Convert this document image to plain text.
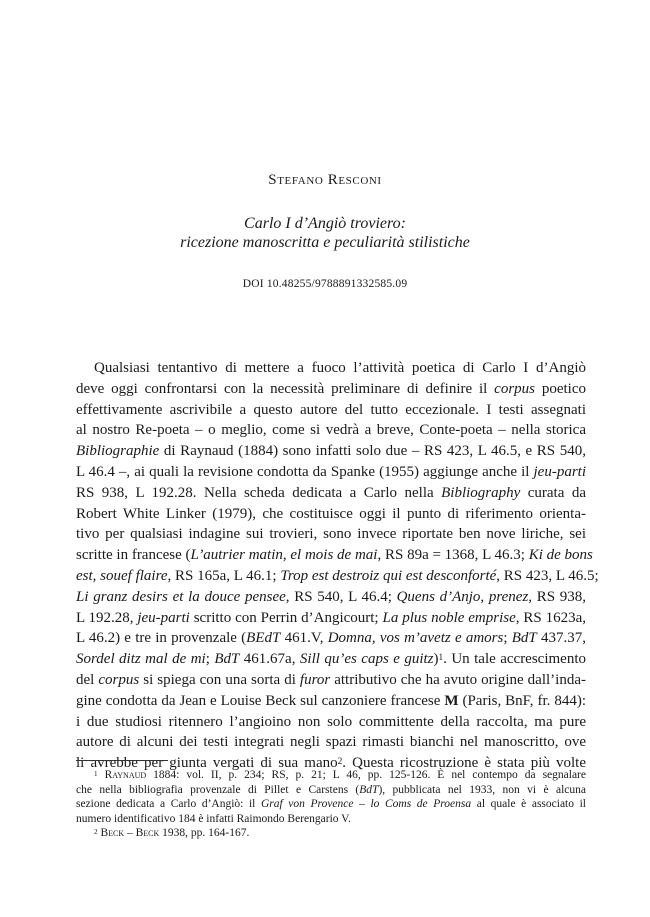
Stefano Resconi
Carlo I d’Angiò troviero:
ricezione manoscritta e peculiarità stilistiche
DOI 10.48255/9788891332585.09
Qualsiasi tentantivo di mettere a fuoco l’attività poetica di Carlo I d’Angiò
deve oggi confrontarsi con la necessità preliminare di definire il corpus poetico
effettivamente ascrivibile a questo autore del tutto eccezionale. I testi assegnati
al nostro Re-poeta – o meglio, come si vedrà a breve, Conte-poeta – nella storica
Bibliographie di Raynaud (1884) sono infatti solo due – RS 423, L 46.5, e RS 540,
L 46.4 –, ai quali la revisione condotta da Spanke (1955) aggiunge anche il jeu-parti
RS 938, L 192.28. Nella scheda dedicata a Carlo nella Bibliography curata da
Robert White Linker (1979), che costituisce oggi il punto di riferimento orienta-
tivo per qualsiasi indagine sui trovieri, sono invece riportate ben nove liriche, sei
scritte in francese (L’autrier matin, el mois de mai, RS 89a = 1368, L 46.3; Ki de bons
est, souef flaire, RS 165a, L 46.1; Trop est destroiz qui est desconforté, RS 423, L 46.5;
Li granz desirs et la douce pensee, RS 540, L 46.4; Quens d’Anjo, prenez, RS 938,
L 192.28, jeu-parti scritto con Perrin d’Angicourt; La plus noble emprise, RS 1623a,
L 46.2) e tre in provenzale (BEdT 461.V, Domna, vos m’avetz e amors; BdT 437.37,
Sordel ditz mal de mi; BdT 461.67a, Sill qu’es caps e guitz)$^1$. Un tale accrescimento
del corpus si spiega con una sorta di furor attributivo che ha avuto origine dall’inda-
gine condotta da Jean e Louise Beck sul canzoniere francese M (Paris, BnF, fr. 844):
i due studiosi ritennero l’angioino non solo committente della raccolta, ma pure
autore di alcuni dei testi integrati negli spazi rimasti bianchi nel manoscritto, ove
li avrebbe per giunta vergati di sua mano$^2$. Questa ricostruzione è stata più volte
$^1$ Raynaud 1884: vol. II, p. 234; RS, p. 21; L 46, pp. 125-126. È nel contempo da segnalare
che nella bibliografia provenzale di Pillet e Carstens (BdT), pubblicata nel 1933, non vi è alcuna
sezione dedicata a Carlo d’Angiò: il Graf von Provence – lo Coms de Proensa al quale è associato il
numero identificativo 184 è infatti Raimondo Berengario V.
$^2$ Beck – Beck 1938, pp. 164-167.
